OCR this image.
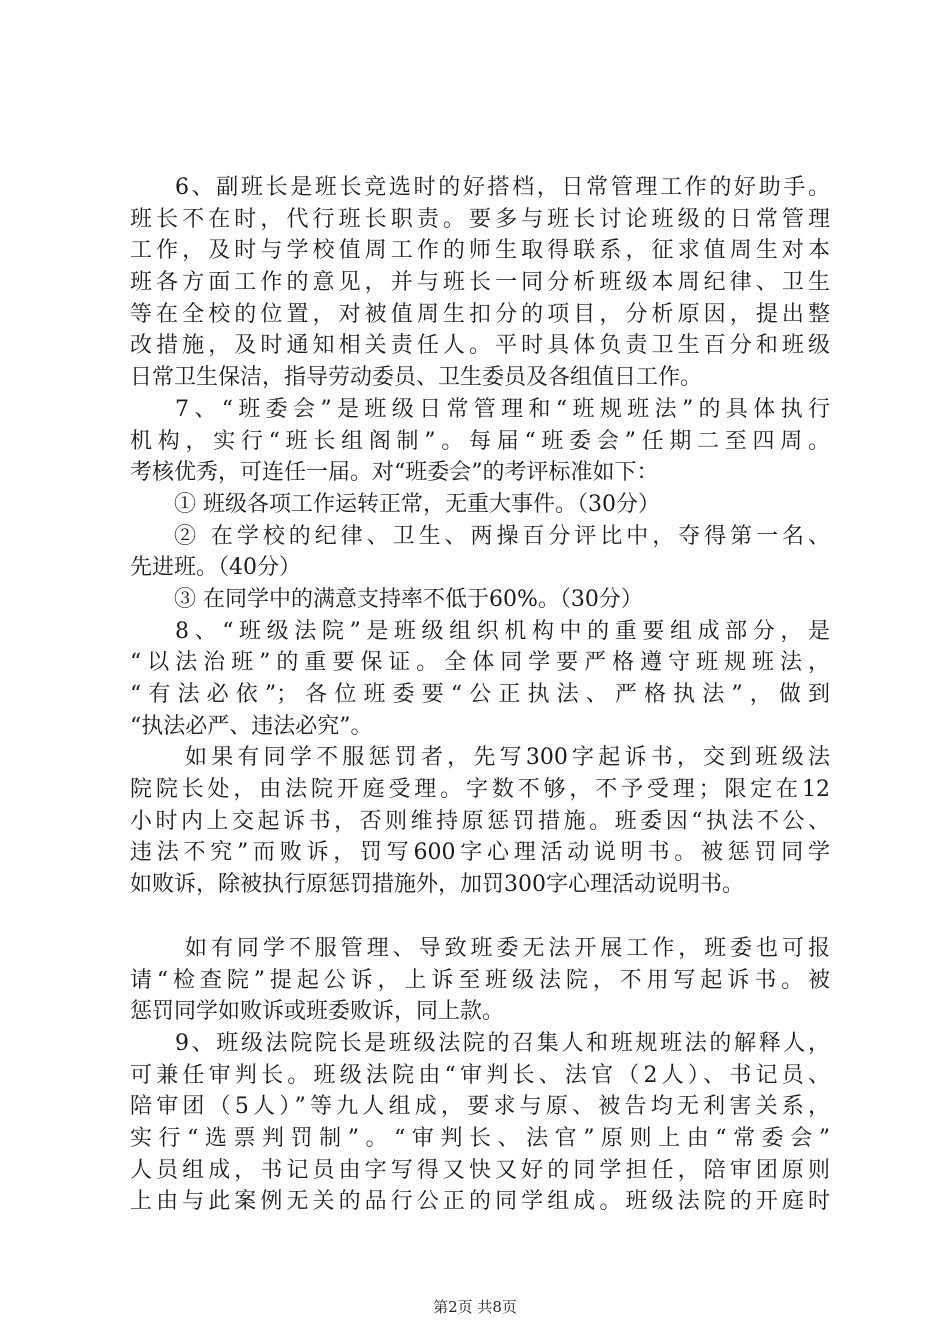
6、副班长是班长竞选时的好搭档，日常管理工作的好助手。
班长不在时，代行班长职责。要多与班长讨论班级的日常管理
工作，及时与学校值周工作的师生取得联系，征求值周生对本
班各方面工作的意见，并与班长一同分析班级本周纪律、卫生
等在全校的位置，对被值周生扣分的项目，分析原因，提出整
改措施，及时通知相关责任人。平时具体负责卫生百分和班级
日常卫生保洁，指导劳动委员、卫生委员及各组值日工作。
7、“班委会”是班级日常管理和“班规班法”的具体执行
机构，实行“班长组阁制”。每届“班委会”任期二至四周。
考核优秀，可连任一届。对“班委会”的考评标准如下：
① 班级各项工作运转正常，无重大事件。（30分）
② 在学校的纪律、卫生、两操百分评比中，夺得第一名、
先进班。（40分）
③ 在同学中的满意支持率不低于60%。（30分）
8、“班级法院”是班级组织机构中的重要组成部分，是
“以法治班”的重要保证。全体同学要严格遵守班规班法，
“有法必依”；各位班委要“公正执法、严格执法”，做到
“执法必严、违法必究”。
如果有同学不服惩罚者，先写300字起诉书，交到班级法
院院长处，由法院开庭受理。字数不够，不予受理；限定在12
小时内上交起诉书，否则维持原惩罚措施。班委因“执法不公、
违法不究”而败诉，罚写600字心理活动说明书。被惩罚同学
如败诉，除被执行原惩罚措施外，加罚300字心理活动说明书。
如有同学不服管理、导致班委无法开展工作，班委也可报
请“检查院”提起公诉，上诉至班级法院，不用写起诉书。被
惩罚同学如败诉或班委败诉，同上款。
9、班级法院院长是班级法院的召集人和班规班法的解释人，
可兼任审判长。班级法院由“审判长、法官（2人）、书记员、
陪审团（5人）”等九人组成，要求与原、被告均无利害关系，
实行“选票判罚制”。“审判长、法官”原则上由“常委会”
人员组成，书记员由字写得又快又好的同学担任，陪审团原则
上由与此案例无关的品行公正的同学组成。班级法院的开庭时
第2页 共8页
